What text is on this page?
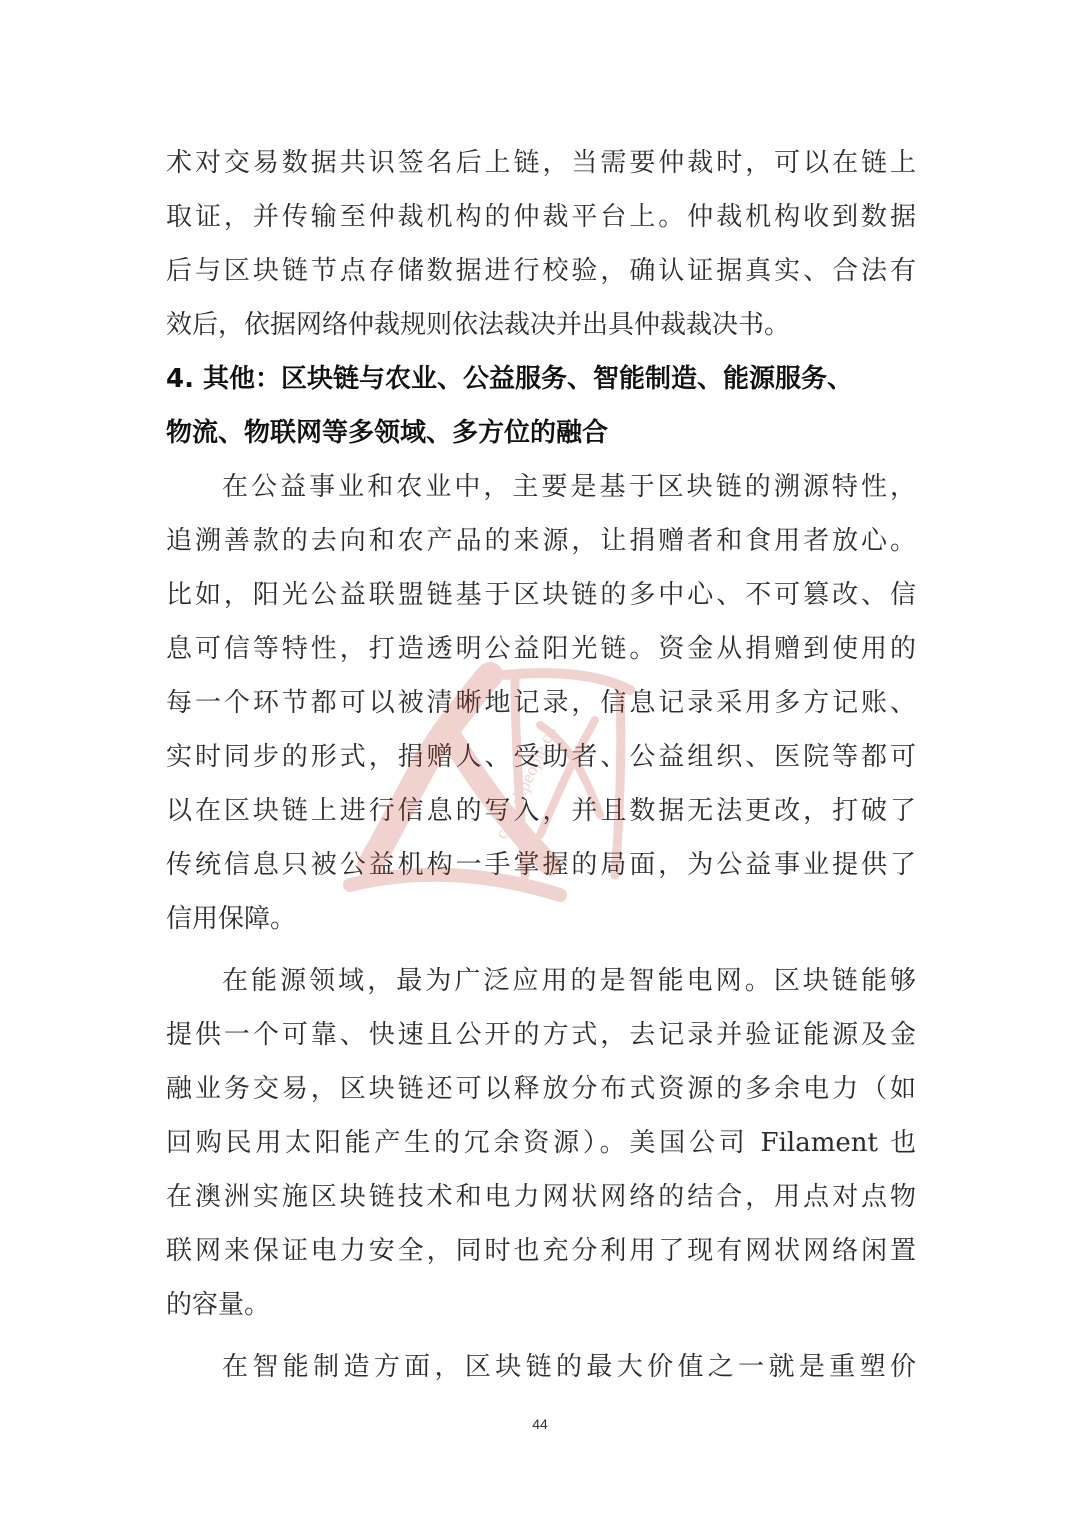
术对交易数据共识签名后上链，当需要仲裁时，可以在链上
取证，并传输至仲裁机构的仲裁平台上。仲裁机构收到数据
后与区块链节点存储数据进行校验，确认证据真实、合法有
效后，依据网络仲裁规则依法裁决并出具仲裁裁决书。
4. 其他：区块链与农业、公益服务、智能制造、能源服务、
物流、物联网等多领域、多方位的融合
在公益事业和农业中，主要是基于区块链的溯源特性，
追溯善款的去向和农产品的来源，让捐赠者和食用者放心。
比如，阳光公益联盟链基于区块链的多中心、不可篡改、信
息可信等特性，打造透明公益阳光链。资金从捐赠到使用的
每一个环节都可以被清晰地记录，信息记录采用多方记账、
实时同步的形式，捐赠人、受助者、公益组织、医院等都可
以在区块链上进行信息的写入，并且数据无法更改，打破了
传统信息只被公益机构一手掌握的局面，为公益事业提供了
信用保障。
在能源领域，最为广泛应用的是智能电网。区块链能够
提供一个可靠、快速且公开的方式，去记录并验证能源及金
融业务交易，区块链还可以释放分布式资源的多余电力（如
回购民用太阳能产生的冗余资源）。美国公司 Filament 也
在澳洲实施区块链技术和电力网状网络的结合，用点对点物
联网来保证电力安全，同时也充分利用了现有网状网络闲置
的容量。
在智能制造方面，区块链的最大价值之一就是重塑价
capital.people.cn
44
